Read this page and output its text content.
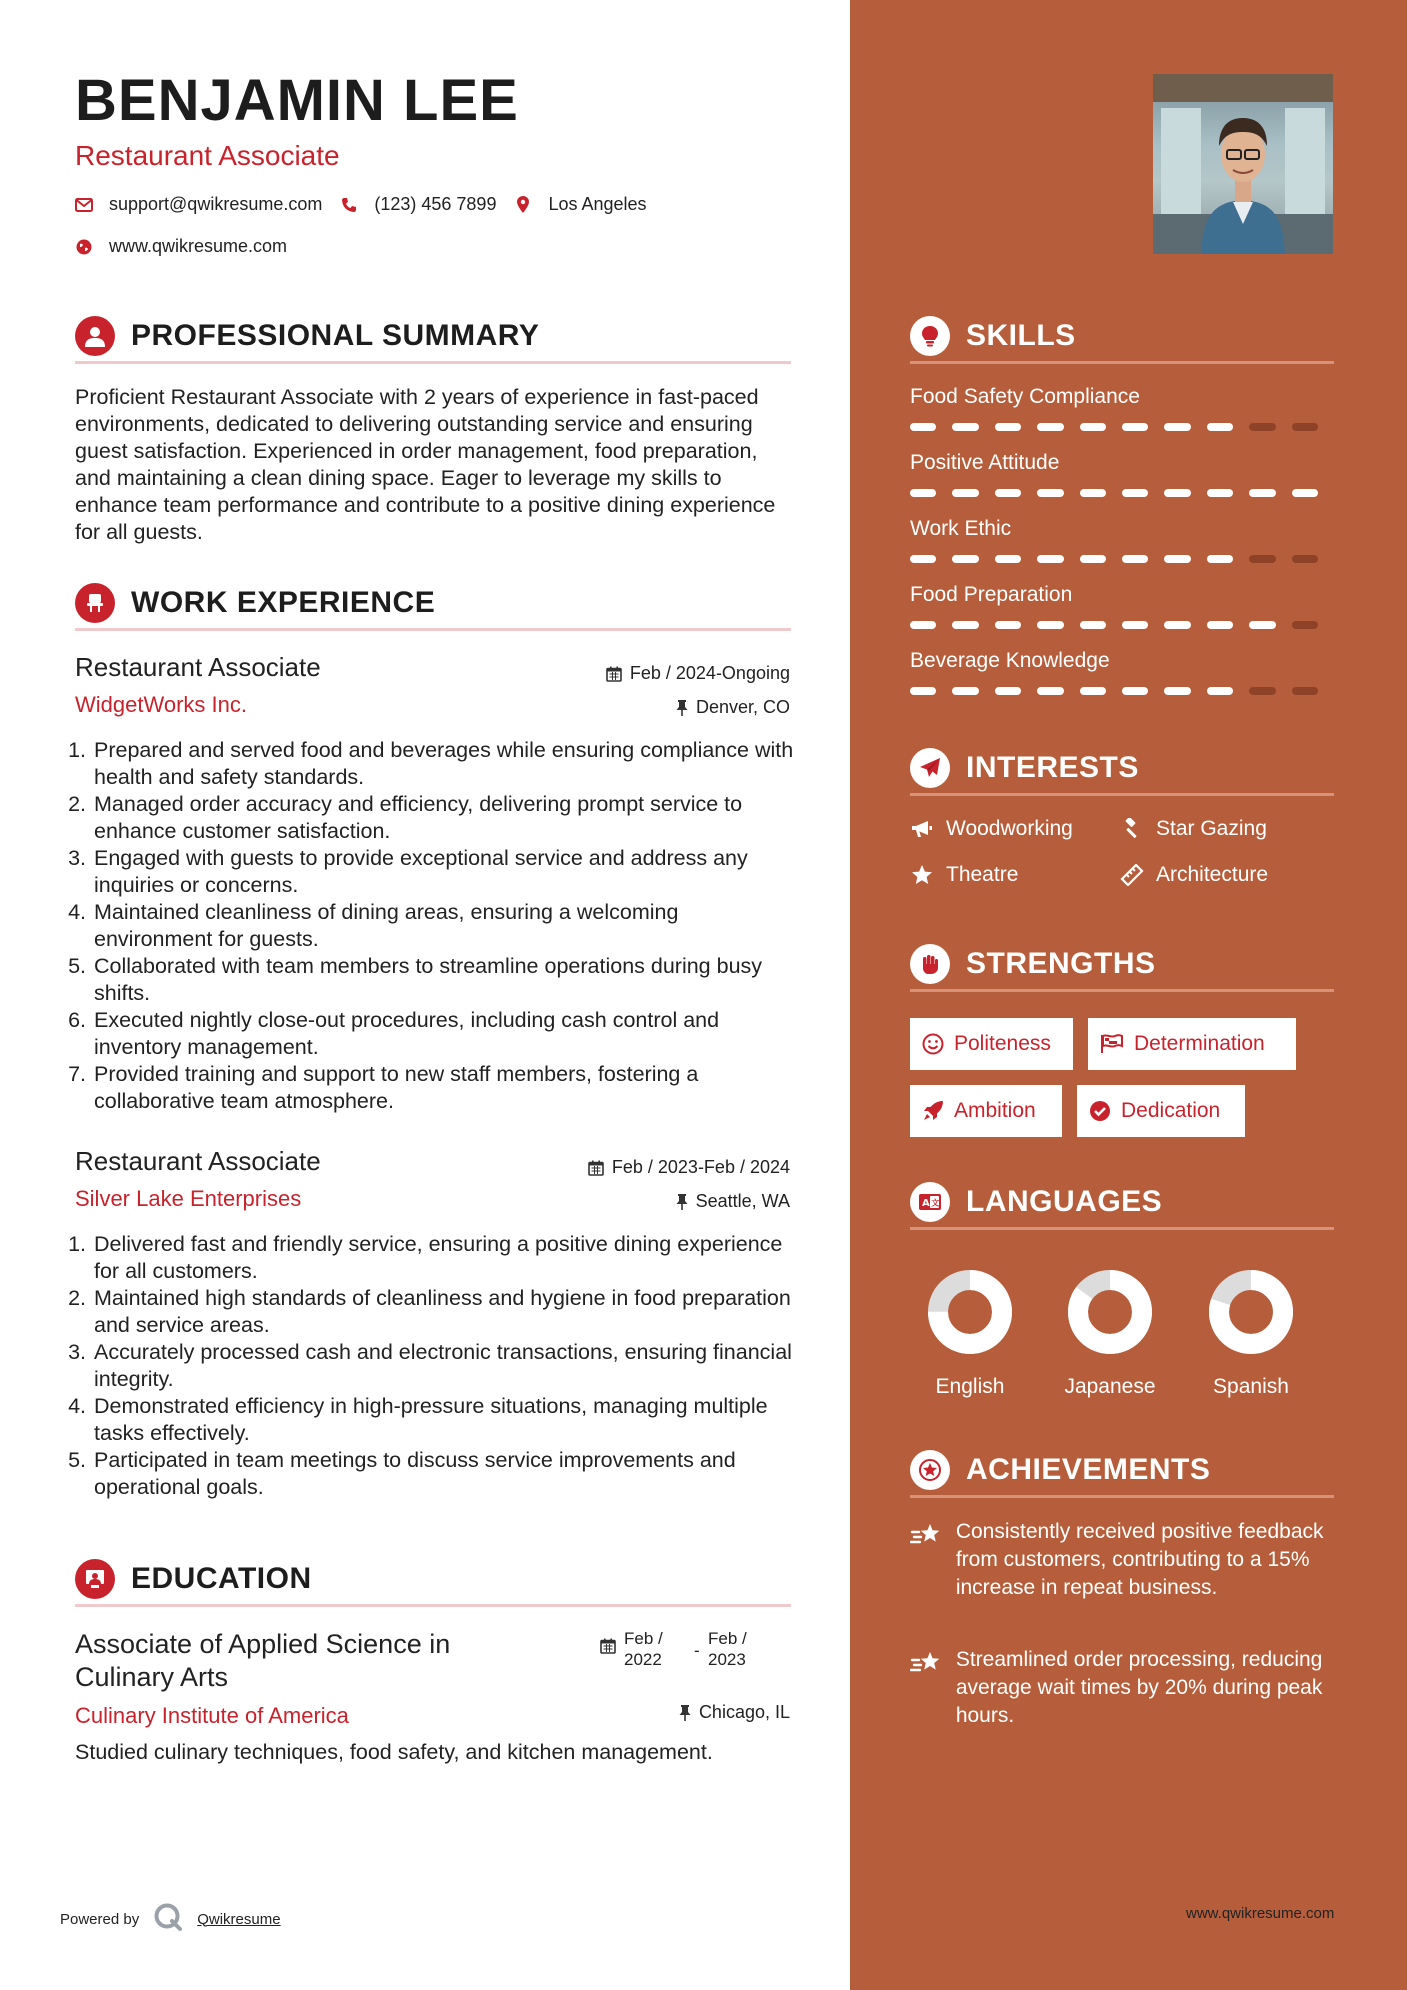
BENJAMIN LEE
Restaurant Associate
support@qwikresume.com	(123) 456 7899	Los Angeles
www.qwikresume.com
PROFESSIONAL SUMMARY
Proficient Restaurant Associate with 2 years of experience in fast-paced environments, dedicated to delivering outstanding service and ensuring guest satisfaction. Experienced in order management, food preparation, and maintaining a clean dining space. Eager to leverage my skills to enhance team performance and contribute to a positive dining experience for all guests.
WORK EXPERIENCE
Restaurant Associate
WidgetWorks Inc.
Feb / 2024-Ongoing
Denver, CO
1. Prepared and served food and beverages while ensuring compliance with health and safety standards.
2. Managed order accuracy and efficiency, delivering prompt service to enhance customer satisfaction.
3. Engaged with guests to provide exceptional service and address any inquiries or concerns.
4. Maintained cleanliness of dining areas, ensuring a welcoming environment for guests.
5. Collaborated with team members to streamline operations during busy shifts.
6. Executed nightly close-out procedures, including cash control and inventory management.
7. Provided training and support to new staff members, fostering a collaborative team atmosphere.
Restaurant Associate
Silver Lake Enterprises
Feb / 2023-Feb / 2024
Seattle, WA
1. Delivered fast and friendly service, ensuring a positive dining experience for all customers.
2. Maintained high standards of cleanliness and hygiene in food preparation and service areas.
3. Accurately processed cash and electronic transactions, ensuring financial integrity.
4. Demonstrated efficiency in high-pressure situations, managing multiple tasks effectively.
5. Participated in team meetings to discuss service improvements and operational goals.
EDUCATION
Associate of Applied Science in Culinary Arts
Culinary Institute of America
Feb /
2022	-
Feb /
2023
Chicago, IL
Studied culinary techniques, food safety, and kitchen management.
Powered by	Qwikresume
SKILLS
Food Safety Compliance
Positive Attitude
Work Ethic
Food Preparation
Beverage Knowledge
INTERESTS
Woodworking	Star Gazing
Theatre	Architecture
STRENGTHS
Politeness	Determination
Ambition	Dedication
A 文 LANGUAGES
English	Japanese	Spanish
ACHIEVEMENTS
Consistently received positive feedback from customers, contributing to a 15% increase in repeat business.
Streamlined order processing, reducing average wait times by 20% during peak hours.
www.qwikresume.com
